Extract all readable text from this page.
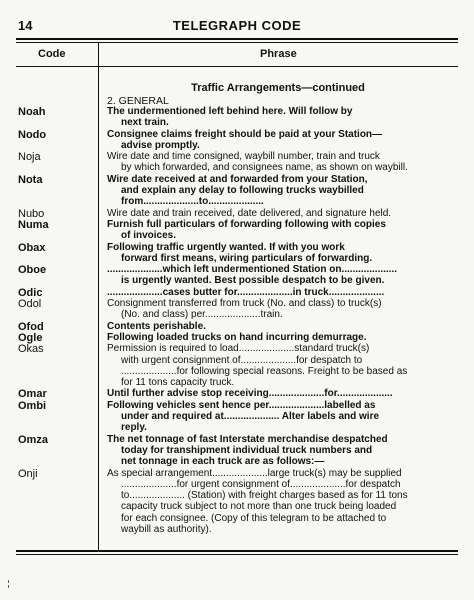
14	TELEGRAPH CODE
Code	Phrase
Traffic Arrangements—continued
2. GENERAL
Noah	The undermentioned left behind here. Will follow by
next train.
Nodo	Consignee claims freight should be paid at your Station—
advise promptly.
Noja	Wire date and time consigned, waybill number, train and truck
by which forwarded, and consignees name, as shown on waybill.
Nota	Wire date received at and forwarded from your Station,
and explain any delay to following trucks waybilled
from....................to....................
Nubo	Wire date and train received, date delivered, and signature held.
Numa	Furnish full particulars of forwarding following with copies
of invoices.
Obax	Following traffic urgently wanted. If with you work
forward first means, wiring particulars of forwarding.
Oboe	....................which left undermentioned Station on....................
is urgently wanted. Best possible despatch to be given.
Odic	....................cases butter for....................in truck....................
Odol	Consignment transferred from truck (No. and class) to truck(s)
(No. and class) per....................train.
Ofod	Contents perishable.
Ogle	Following loaded trucks on hand incurring demurrage.
Okas	Permission is required to load....................standard truck(s)
with urgent consignment of....................for despatch to
....................for following special reasons. Freight to be based as
for 11 tons capacity truck.
Omar	Until further advise stop receiving....................for....................
Ombi	Following vehicles sent hence per....................labelled as
under and required at.................... Alter labels and wire
reply.
Omza	The net tonnage of fast Interstate merchandise despatched
today for transhipment individual truck numbers and
net tonnage in each truck are as follows:—
Onji	As special arrangement....................large truck(s) may be supplied
....................for urgent consignment of....................for despatch
to.................... (Station) with freight charges based as for 11 tons
capacity truck subject to not more than one truck being loaded
for each consignee. (Copy of this telegram to be attached to
waybill as authority).
